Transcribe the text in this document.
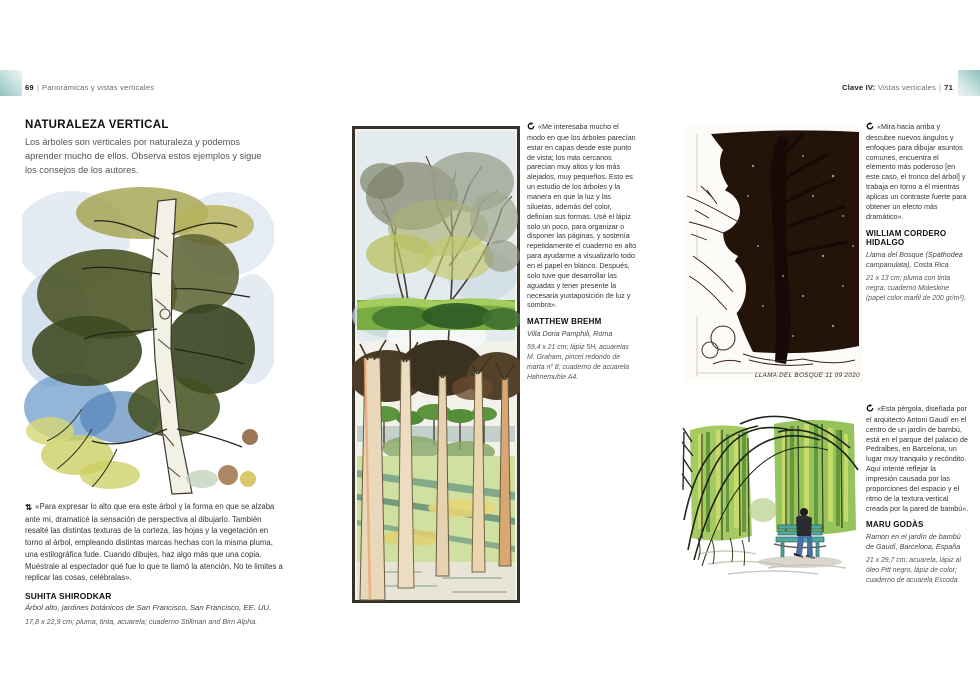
69 | Panorámicas y vistas verticales	Clave IV: Vistas verticales | 71
NATURALEZA VERTICAL
Los árboles son verticales por naturaleza y podemos aprender mucho de ellos. Observa estos ejemplos y sigue los consejos de los autores.

⇅ «Para expresar lo alto que era este árbol y la forma en que se alzaba ante mí, dramaticé la sensación de perspectiva al dibujarlo. También resalté las distintas texturas de la corteza, las hojas y la vegetación en torno al árbol, empleando distintas marcas hechas con la misma pluma, una estilográfica fude. Cuando dibujes, haz algo más que una copia. Muéstrale al espectador qué fue lo que te llamó la atención. No te limites a replicar las cosas, celébralas».

SUHITA SHIRODKAR
Árbol alto, jardines botánicos de San Francisco, San Francisco, EE. UU.
17,8 x 22,9 cm; pluma, tinta, acuarela; cuaderno Stillman and Birn Alpha.

«Me interesaba mucho el modo en que los árboles parecían estar en capas desde este punto de vista; los más cercanos parecían muy altos y los más alejados, muy pequeños. Esto es un estudio de los árboles y la manera en que la luz y las siluetas, además del color, definían sus formas. Usé el lápiz solo un poco, para organizar o disponer las páginas, y sostenía repetidamente el cuaderno en alto para ayudarme a visualizarlo todo en el papel en blanco. Después, solo tuve que desarrollar las aguadas y tener presente la necesaria yuxtaposición de luz y sombra».

MATTHEW BREHM
Villa Doria Pamphili, Roma
59,4 x 21 cm; lápiz 5H, acuarelas M. Graham, pincel redondo de marta nº 8; cuaderno de acuarela Hahnemuhle A4.	LLAMA DEL BOSQUE 11 09 2020

«Mira hacia arriba y descubre nuevos ángulos y enfoques para dibujar asuntos comunes, encuentra el elemento más poderoso [en este caso, el tronco del árbol] y trabaja en torno a él mientras aplicas un contraste fuerte para obtener un efecto más dramático».

WILLIAM CORDERO HIDALGO
Llama del Bosque (Spathodea campanulata), Costa Rica
21 x 13 cm; pluma con tinta negra; cuaderno Moleskine (papel color marfil de 200 gr/m²).

«Esta pérgola, diseñada por el arquitecto Antoni Gaudí en el centro de un jardín de bambú, está en el parque del palacio de Pedralbes, en Barcelona, un lugar muy tranquilo y recóndito. Aquí intenté reflejar la impresión causada por las proporciones del espacio y el ritmo de la textura vertical creada por la pared de bambú».

MARU GODÀS
Ramon en el jardín de bambú de Gaudí, Barcelona, España
21 x 29,7 cm; acuarela, lápiz al óleo Pitt negro, lápiz de color; cuaderno de acuarela Escoda.
